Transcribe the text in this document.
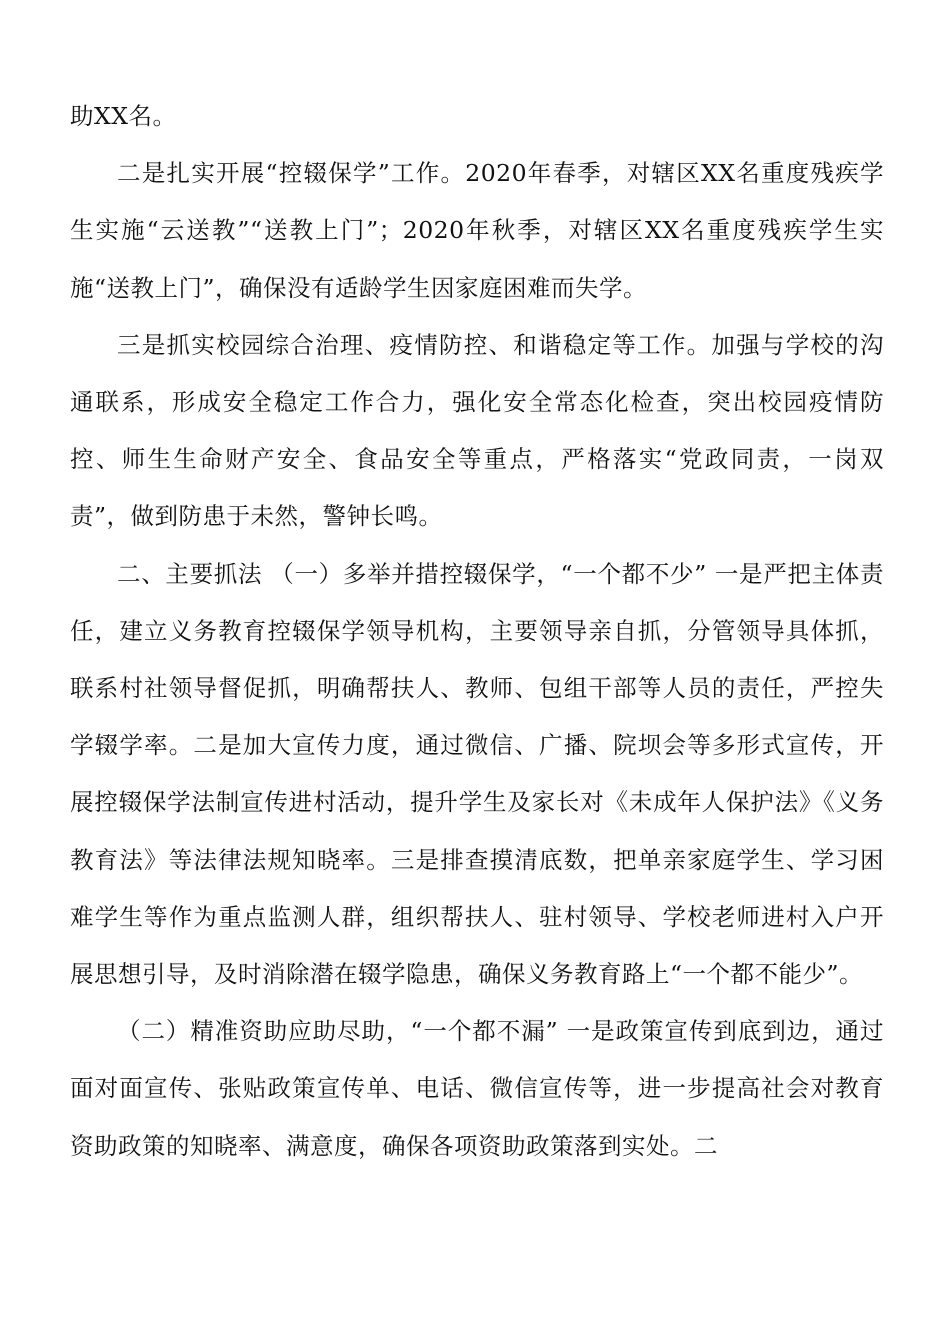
助XX名。

二是扎实开展“控辍保学”工作。2020年春季，对辖区XX名重度残疾学生实施“云送教”“送教上门”；2020年秋季，对辖区XX名重度残疾学生实施“送教上门”，确保没有适龄学生因家庭困难而失学。

三是抓实校园综合治理、疫情防控、和谐稳定等工作。加强与学校的沟通联系，形成安全稳定工作合力，强化安全常态化检查，突出校园疫情防控、师生生命财产安全、食品安全等重点，严格落实“党政同责，一岗双责”，做到防患于未然，警钟长鸣。

二、主要抓法 （一）多举并措控辍保学，“一个都不少” 一是严把主体责任，建立义务教育控辍保学领导机构，主要领导亲自抓，分管领导具体抓，联系村社领导督促抓，明确帮扶人、教师、包组干部等人员的责任，严控失学辍学率。二是加大宣传力度，通过微信、广播、院坝会等多形式宣传，开展控辍保学法制宣传进村活动，提升学生及家长对《未成年人保护法》《义务教育法》等法律法规知晓率。三是排查摸清底数，把单亲家庭学生、学习困难学生等作为重点监测人群，组织帮扶人、驻村领导、学校老师进村入户开展思想引导，及时消除潜在辍学隐患，确保义务教育路上“一个都不能少”。

（二）精准资助应助尽助，“一个都不漏” 一是政策宣传到底到边，通过面对面宣传、张贴政策宣传单、电话、微信宣传等，进一步提高社会对教育资助政策的知晓率、满意度，确保各项资助政策落到实处。二
